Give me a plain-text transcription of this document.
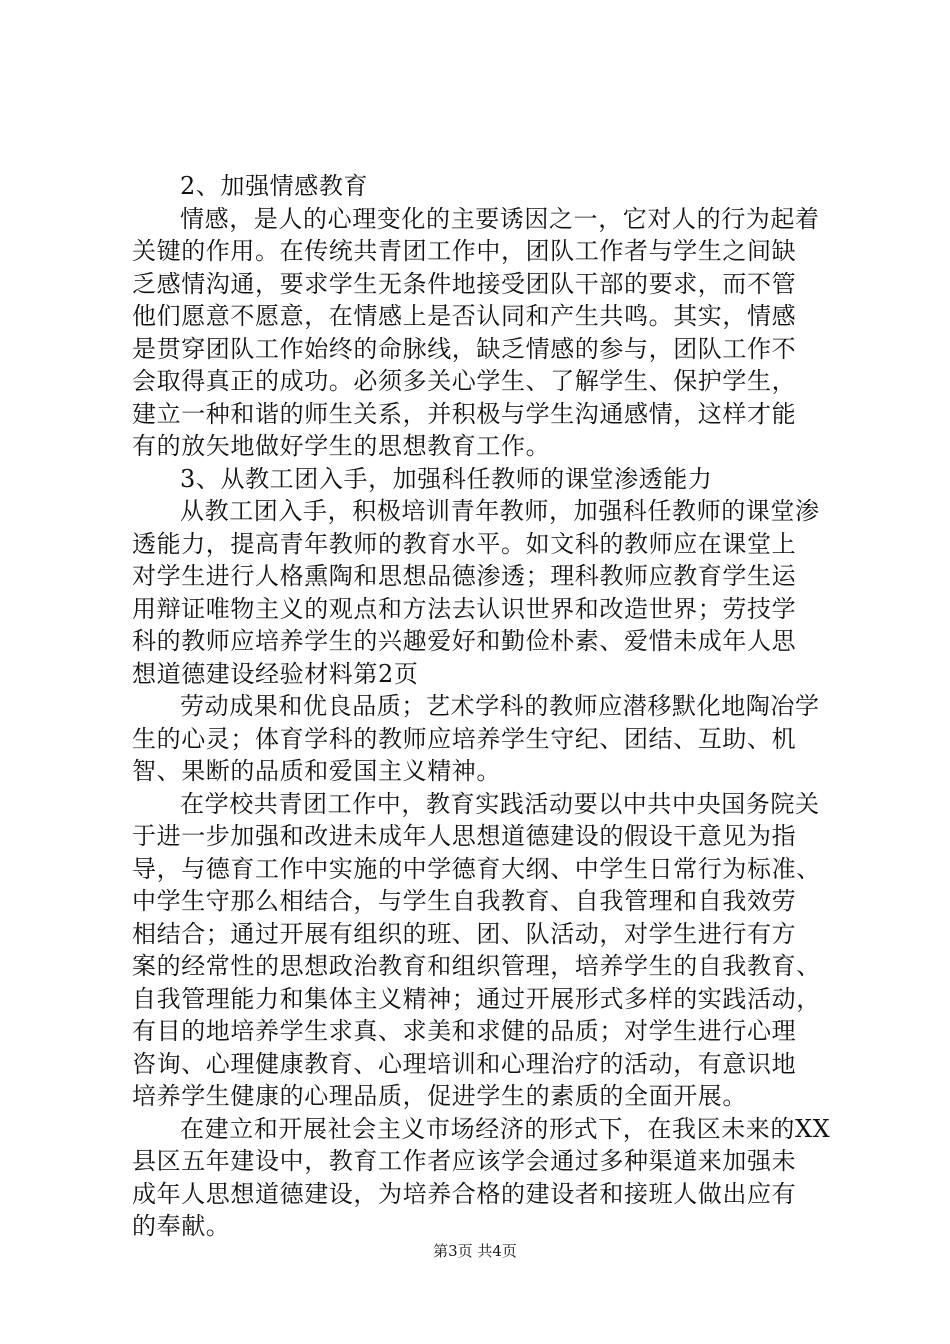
2、加强情感教育
情感，是人的心理变化的主要诱因之一，它对人的行为起着
关键的作用。在传统共青团工作中，团队工作者与学生之间缺
乏感情沟通，要求学生无条件地接受团队干部的要求，而不管
他们愿意不愿意，在情感上是否认同和产生共鸣。其实，情感
是贯穿团队工作始终的命脉线，缺乏情感的参与，团队工作不
会取得真正的成功。必须多关心学生、了解学生、保护学生，
建立一种和谐的师生关系，并积极与学生沟通感情，这样才能
有的放矢地做好学生的思想教育工作。
3、从教工团入手，加强科任教师的课堂渗透能力
从教工团入手，积极培训青年教师，加强科任教师的课堂渗
透能力，提高青年教师的教育水平。如文科的教师应在课堂上
对学生进行人格熏陶和思想品德渗透；理科教师应教育学生运
用辩证唯物主义的观点和方法去认识世界和改造世界；劳技学
科的教师应培养学生的兴趣爱好和勤俭朴素、爱惜未成年人思
想道德建设经验材料第2页
劳动成果和优良品质；艺术学科的教师应潜移默化地陶冶学
生的心灵；体育学科的教师应培养学生守纪、团结、互助、机
智、果断的品质和爱国主义精神。
在学校共青团工作中，教育实践活动要以中共中央国务院关
于进一步加强和改进未成年人思想道德建设的假设干意见为指
导，与德育工作中实施的中学德育大纲、中学生日常行为标准、
中学生守那么相结合，与学生自我教育、自我管理和自我效劳
相结合；通过开展有组织的班、团、队活动，对学生进行有方
案的经常性的思想政治教育和组织管理，培养学生的自我教育、
自我管理能力和集体主义精神；通过开展形式多样的实践活动，
有目的地培养学生求真、求美和求健的品质；对学生进行心理
咨询、心理健康教育、心理培训和心理治疗的活动，有意识地
培养学生健康的心理品质，促进学生的素质的全面开展。
在建立和开展社会主义市场经济的形式下，在我区未来的XX
县区五年建设中，教育工作者应该学会通过多种渠道来加强未
成年人思想道德建设，为培养合格的建设者和接班人做出应有
的奉献。
第3页 共4页
